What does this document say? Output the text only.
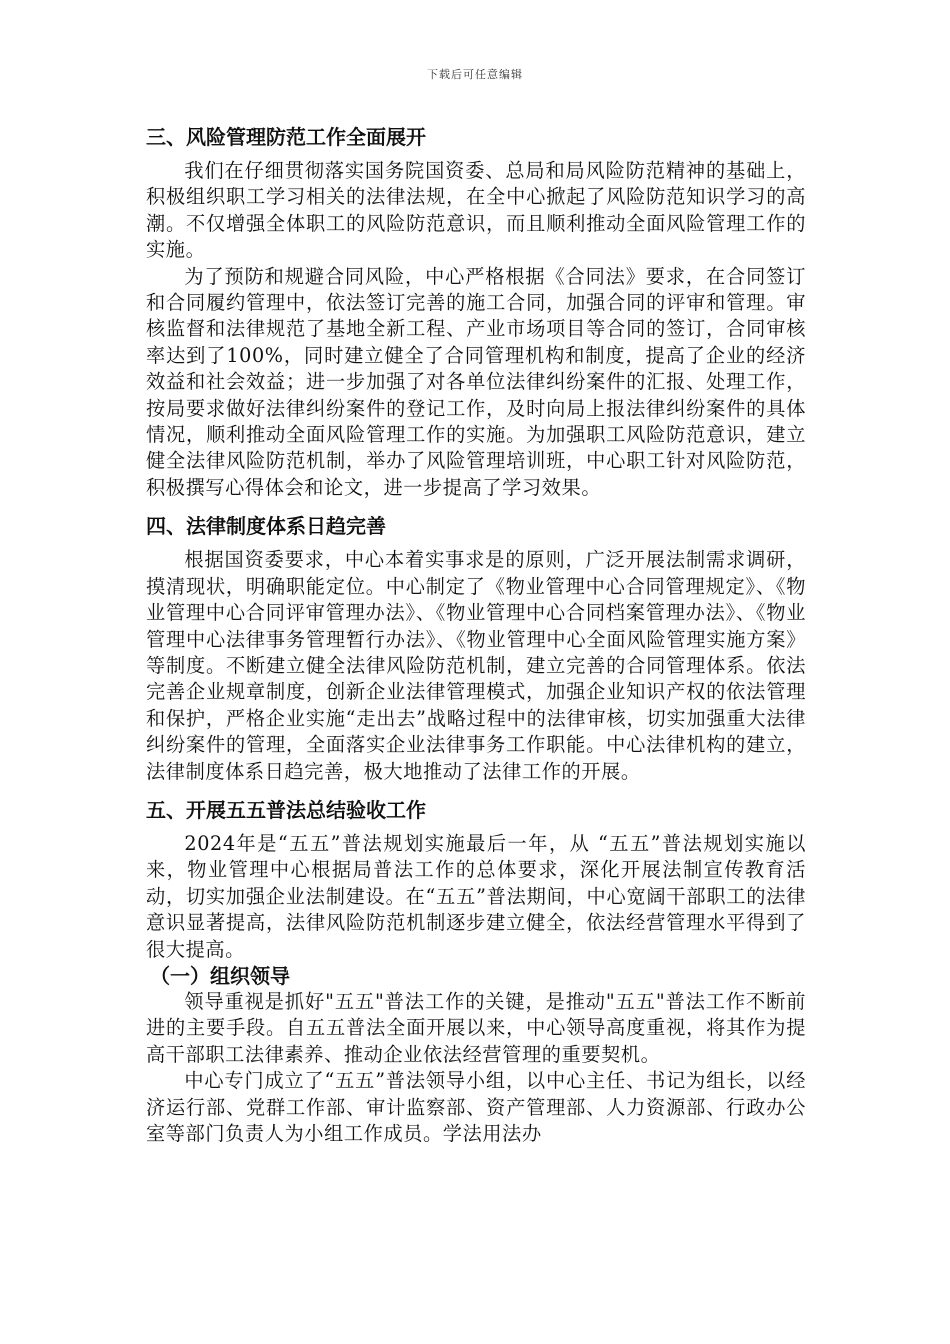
下载后可任意编辑
三、风险管理防范工作全面展开

我们在仔细贯彻落实国务院国资委、总局和局风险防范精神的基础上，积极组织职工学习相关的法律法规，在全中心掀起了风险防范知识学习的高潮。不仅增强全体职工的风险防范意识，而且顺利推动全面风险管理工作的实施。

为了预防和规避合同风险，中心严格根据《合同法》要求，在合同签订和合同履约管理中，依法签订完善的施工合同，加强合同的评审和管理。审核监督和法律规范了基地全新工程、产业市场项目等合同的签订，合同审核率达到了100%，同时建立健全了合同管理机构和制度，提高了企业的经济效益和社会效益；进一步加强了对各单位法律纠纷案件的汇报、处理工作，按局要求做好法律纠纷案件的登记工作，及时向局上报法律纠纷案件的具体情况，顺利推动全面风险管理工作的实施。为加强职工风险防范意识，建立健全法律风险防范机制，举办了风险管理培训班，中心职工针对风险防范，积极撰写心得体会和论文，进一步提高了学习效果。

四、法律制度体系日趋完善

根据国资委要求，中心本着实事求是的原则，广泛开展法制需求调研，摸清现状，明确职能定位。中心制定了《物业管理中心合同管理规定》、《物业管理中心合同评审管理办法》、《物业管理中心合同档案管理办法》、《物业管理中心法律事务管理暂行办法》、《物业管理中心全面风险管理实施方案》等制度。不断建立健全法律风险防范机制，建立完善的合同管理体系。依法完善企业规章制度，创新企业法律管理模式，加强企业知识产权的依法管理和保护，严格企业实施“走出去”战略过程中的法律审核，切实加强重大法律纠纷案件的管理，全面落实企业法律事务工作职能。中心法律机构的建立，法律制度体系日趋完善，极大地推动了法律工作的开展。

五、开展五五普法总结验收工作

2024年是“五五”普法规划实施最后一年，从 “五五”普法规划实施以来，物业管理中心根据局普法工作的总体要求，深化开展法制宣传教育活动，切实加强企业法制建设。在“五五”普法期间，中心宽阔干部职工的法律意识显著提高，法律风险防范机制逐步建立健全，依法经营管理水平得到了很大提高。

（一）组织领导

领导重视是抓好"五五"普法工作的关键，是推动"五五"普法工作不断前进的主要手段。自五五普法全面开展以来，中心领导高度重视，将其作为提高干部职工法律素养、推动企业依法经营管理的重要契机。

中心专门成立了“五五”普法领导小组，以中心主任、书记为组长，以经济运行部、党群工作部、审计监察部、资产管理部、人力资源部、行政办公室等部门负责人为小组工作成员。学法用法办
